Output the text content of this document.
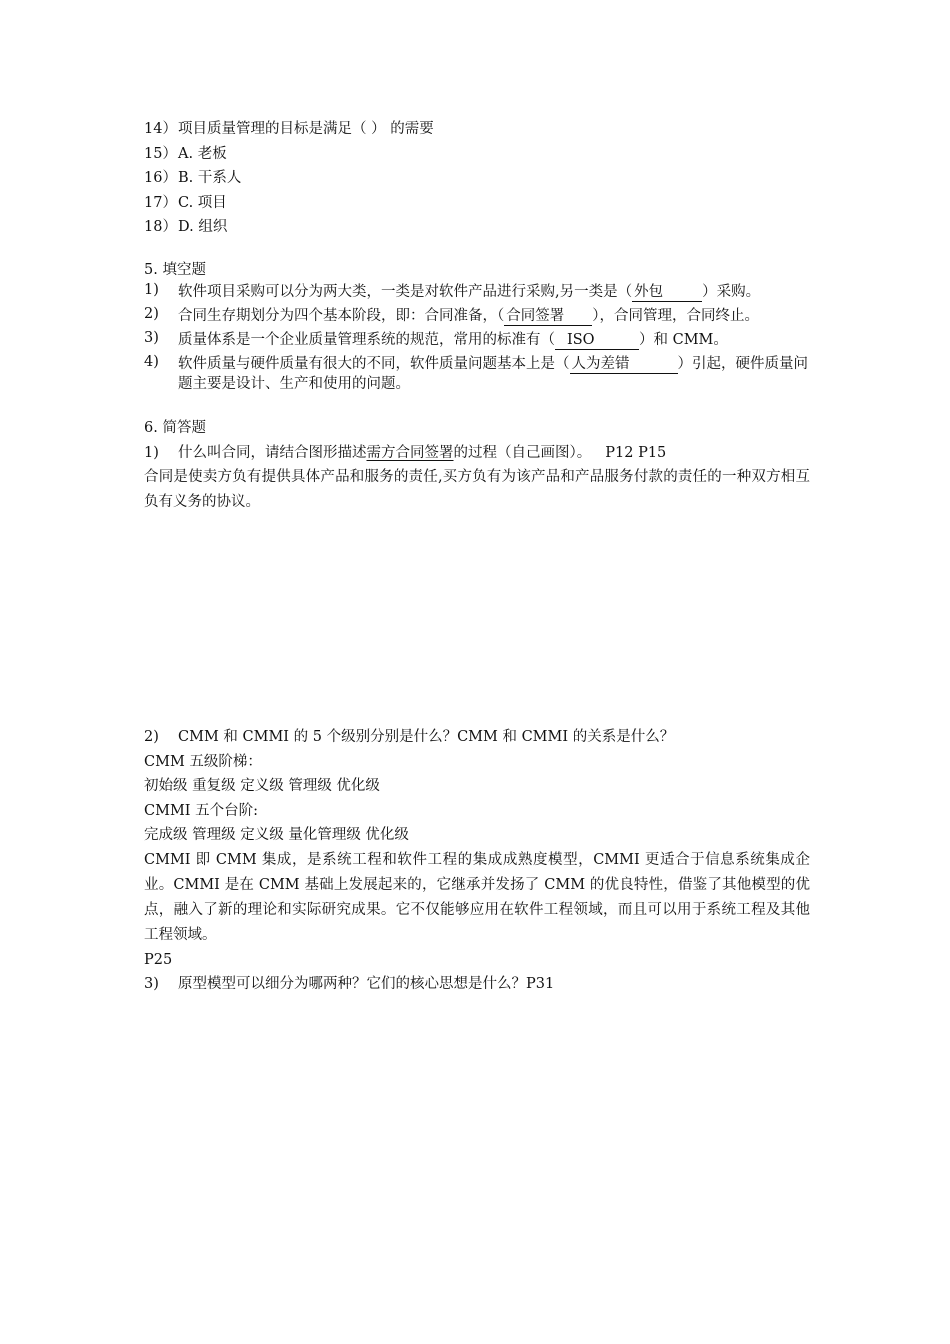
14） 项目质量管理的目标是满足（ ） 的需要
15） A. 老板
16） B. 干系人
17） C. 项目
18） D. 组织
5. 填空题
1)	软件项目采购可以分为两大类，一类是对软件产品进行采购,另一类是（ 外包	）采购。
2)	合同生存期划分为四个基本阶段，即：合同准备，（ 合同签署 ），合同管理，合同终止。
3)	质量体系是一个企业质量管理系统的规范，常用的标准有（ ISO	）和 CMM。
4)	软件质量与硬件质量有很大的不同，软件质量问题基本上是（ 人为差错	）引起，硬件质量问题主要是设计、生产和使用的问题。
6. 简答题
1)	什么叫合同，请结合图形描述需方合同签署的过程（自己画图）。 P12 P15
合同是使卖方负有提供具体产品和服务的责任,买方负有为该产品和产品服务付款的责任的一种双方相互负有义务的协议。
2)	CMM 和 CMMI 的 5 个级别分别是什么？CMM 和 CMMI 的关系是什么？
CMM 五级阶梯：
初始级 重复级 定义级 管理级 优化级
CMMI 五个台阶:
完成级 管理级 定义级 量化管理级 优化级
CMMI 即 CMM 集成，是系统工程和软件工程的集成成熟度模型，CMMI 更适合于信息系统集成企业。CMMI 是在 CMM 基础上发展起来的，它继承并发扬了 CMM 的优良特性，借鉴了其他模型的优点，融入了新的理论和实际研究成果。它不仅能够应用在软件工程领域，而且可以用于系统工程及其他工程领域。
P25
3)	原型模型可以细分为哪两种？它们的核心思想是什么？P31
